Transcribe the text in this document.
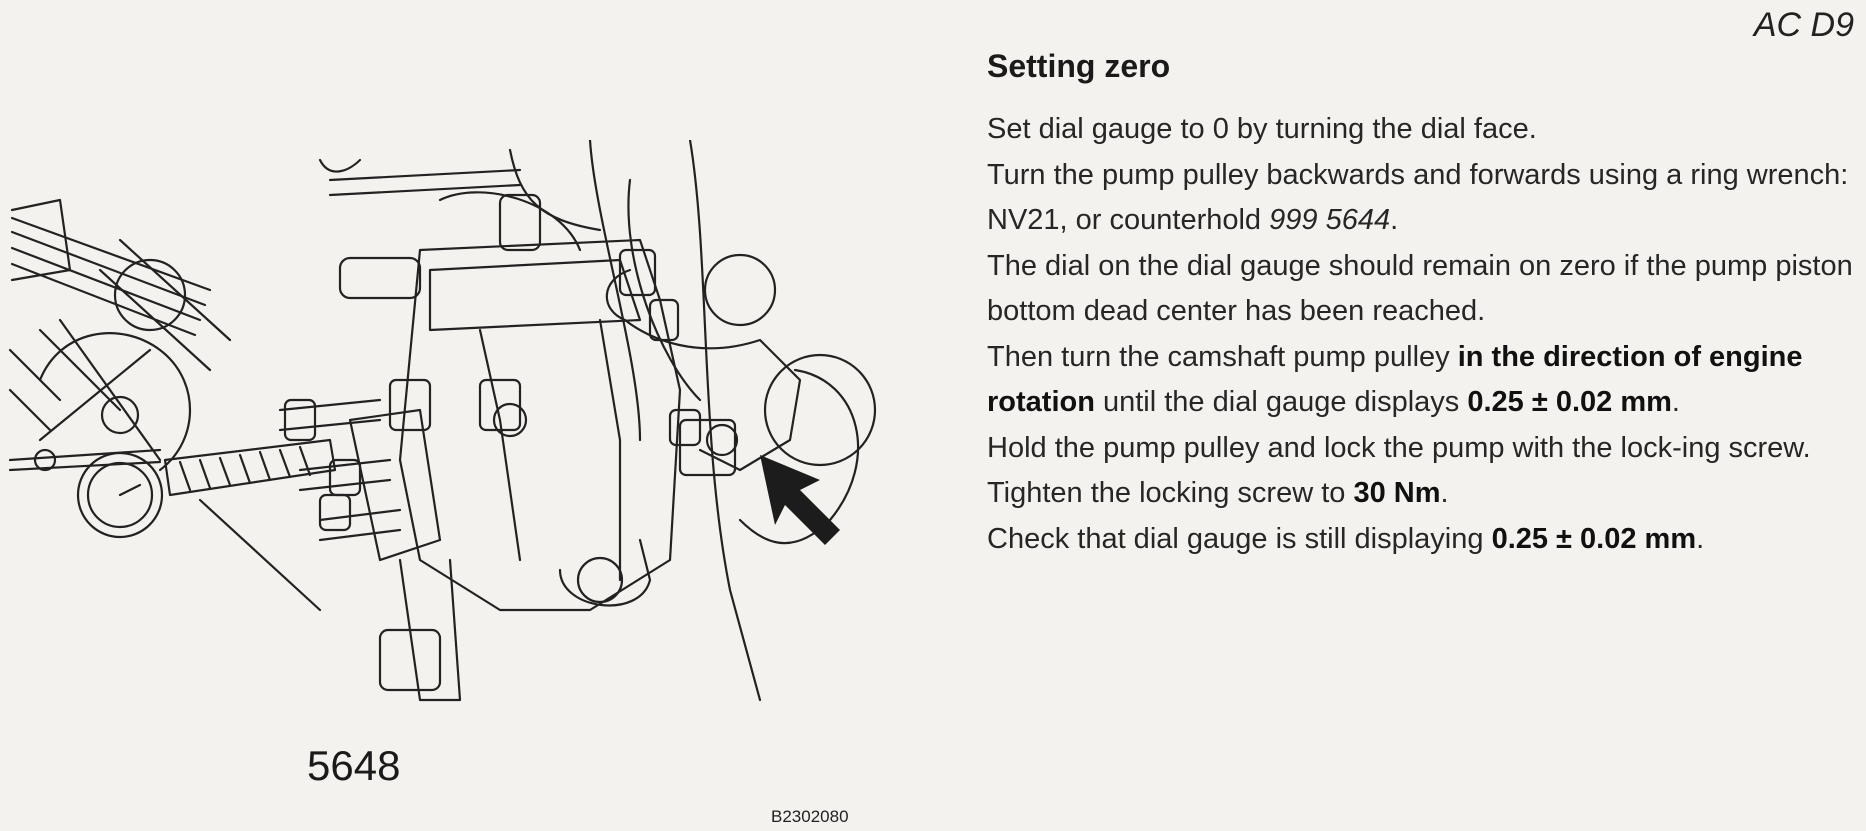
AC D9
5648
B2302080
Setting zero

Set dial gauge to 0 by turning the dial face.

Turn the pump pulley backwards and forwards using a ring wrench: NV21, or counterhold 999 5644.

The dial on the dial gauge should remain on zero if the pump piston bottom dead center has been reached.

Then turn the camshaft pump pulley in the direction of engine rotation until the dial gauge displays 0.25 ± 0.02 mm.

Hold the pump pulley and lock the pump with the lock-ing screw.

Tighten the locking screw to 30 Nm.

Check that dial gauge is still displaying 0.25 ± 0.02 mm.
